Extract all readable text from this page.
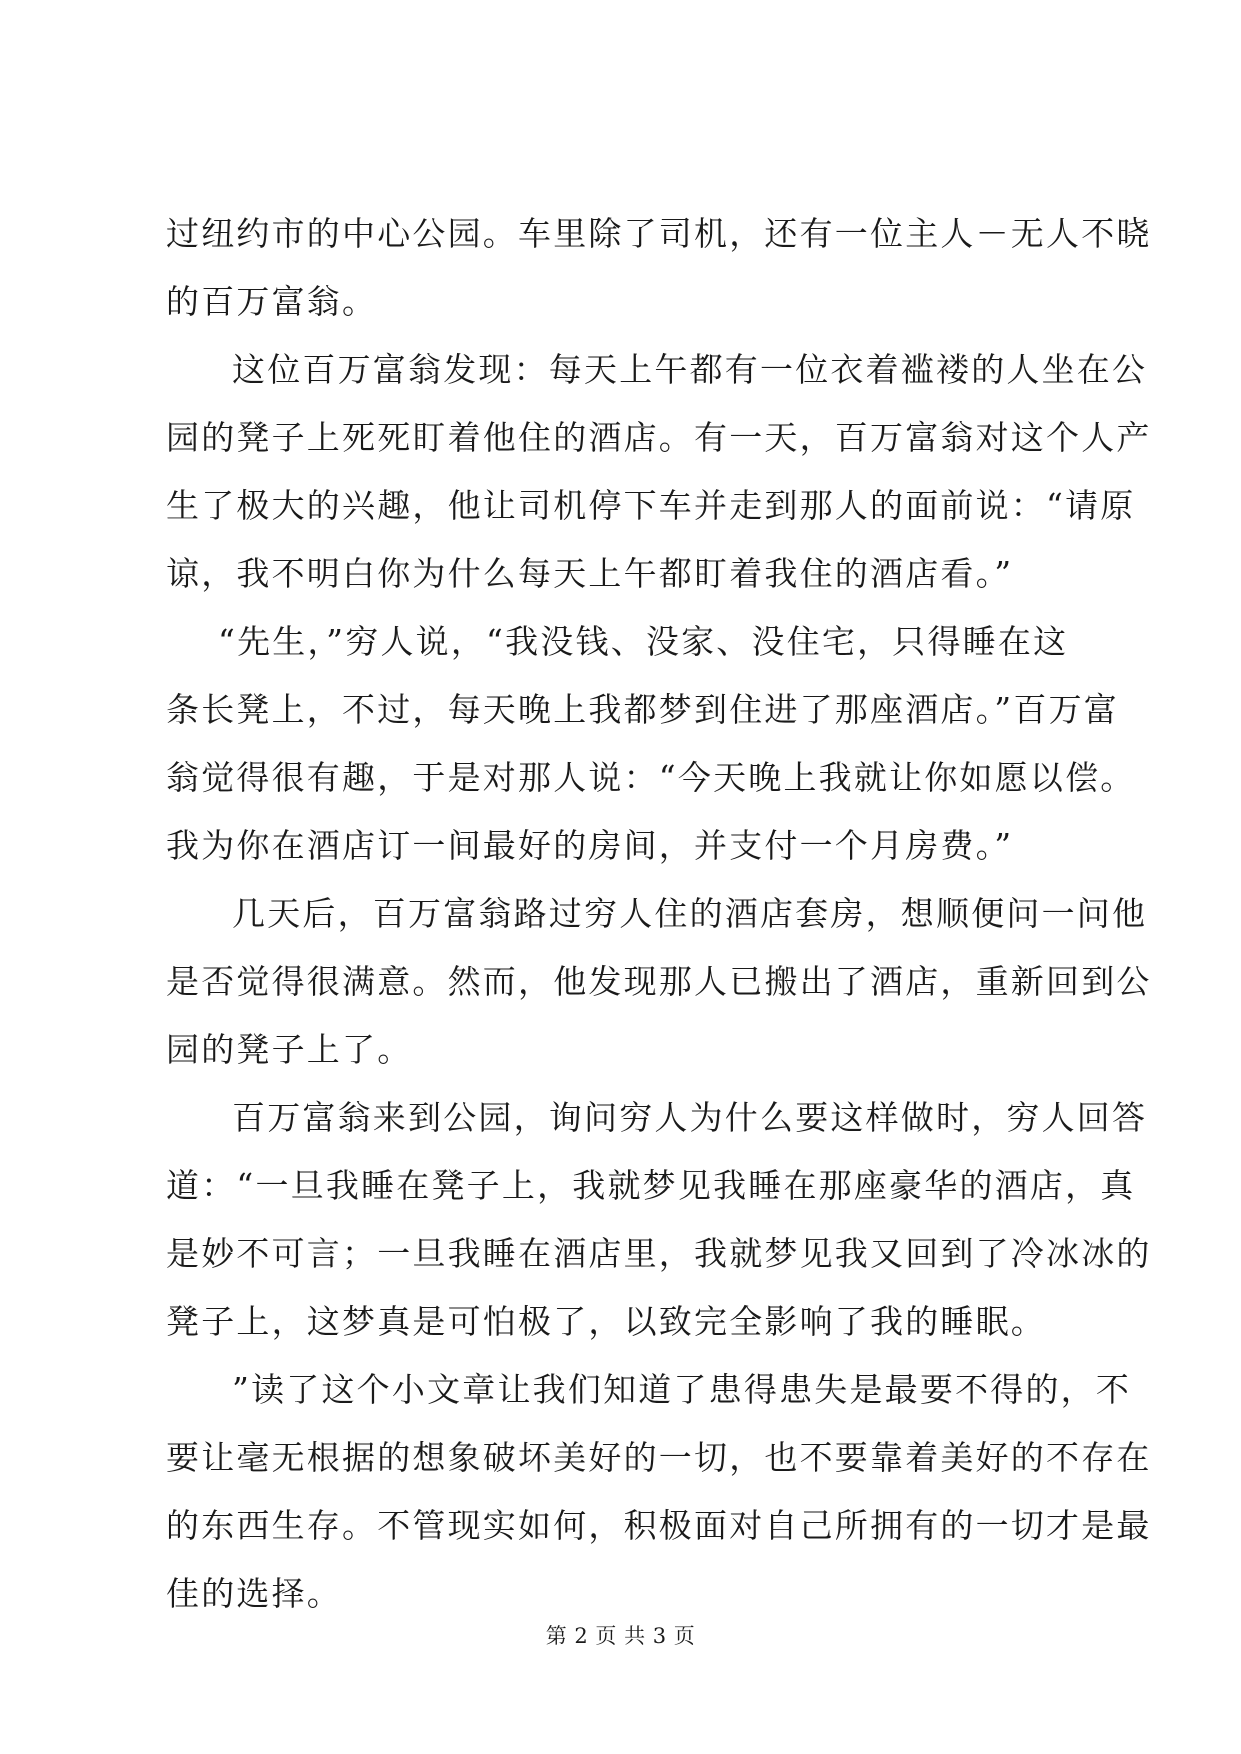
过纽约市的中心公园。车里除了司机，还有一位主人－无人不晓
的百万富翁。
这位百万富翁发现：每天上午都有一位衣着褴褛的人坐在公
园的凳子上死死盯着他住的酒店。有一天，百万富翁对这个人产
生了极大的兴趣，他让司机停下车并走到那人的面前说：“请原
谅，我不明白你为什么每天上午都盯着我住的酒店看。”
“先生，”穷人说，“我没钱、没家、没住宅，只得睡在这
条长凳上，不过，每天晚上我都梦到住进了那座酒店。”百万富
翁觉得很有趣，于是对那人说：“今天晚上我就让你如愿以偿。
我为你在酒店订一间最好的房间，并支付一个月房费。”
几天后，百万富翁路过穷人住的酒店套房，想顺便问一问他
是否觉得很满意。然而，他发现那人已搬出了酒店，重新回到公
园的凳子上了。
百万富翁来到公园，询问穷人为什么要这样做时，穷人回答
道：“一旦我睡在凳子上，我就梦见我睡在那座豪华的酒店，真
是妙不可言；一旦我睡在酒店里，我就梦见我又回到了冷冰冰的
凳子上，这梦真是可怕极了，以致完全影响了我的睡眠。
”读了这个小文章让我们知道了患得患失是最要不得的，不
要让毫无根据的想象破坏美好的一切，也不要靠着美好的不存在
的东西生存。不管现实如何，积极面对自己所拥有的一切才是最
佳的选择。
第 2 页 共 3 页
